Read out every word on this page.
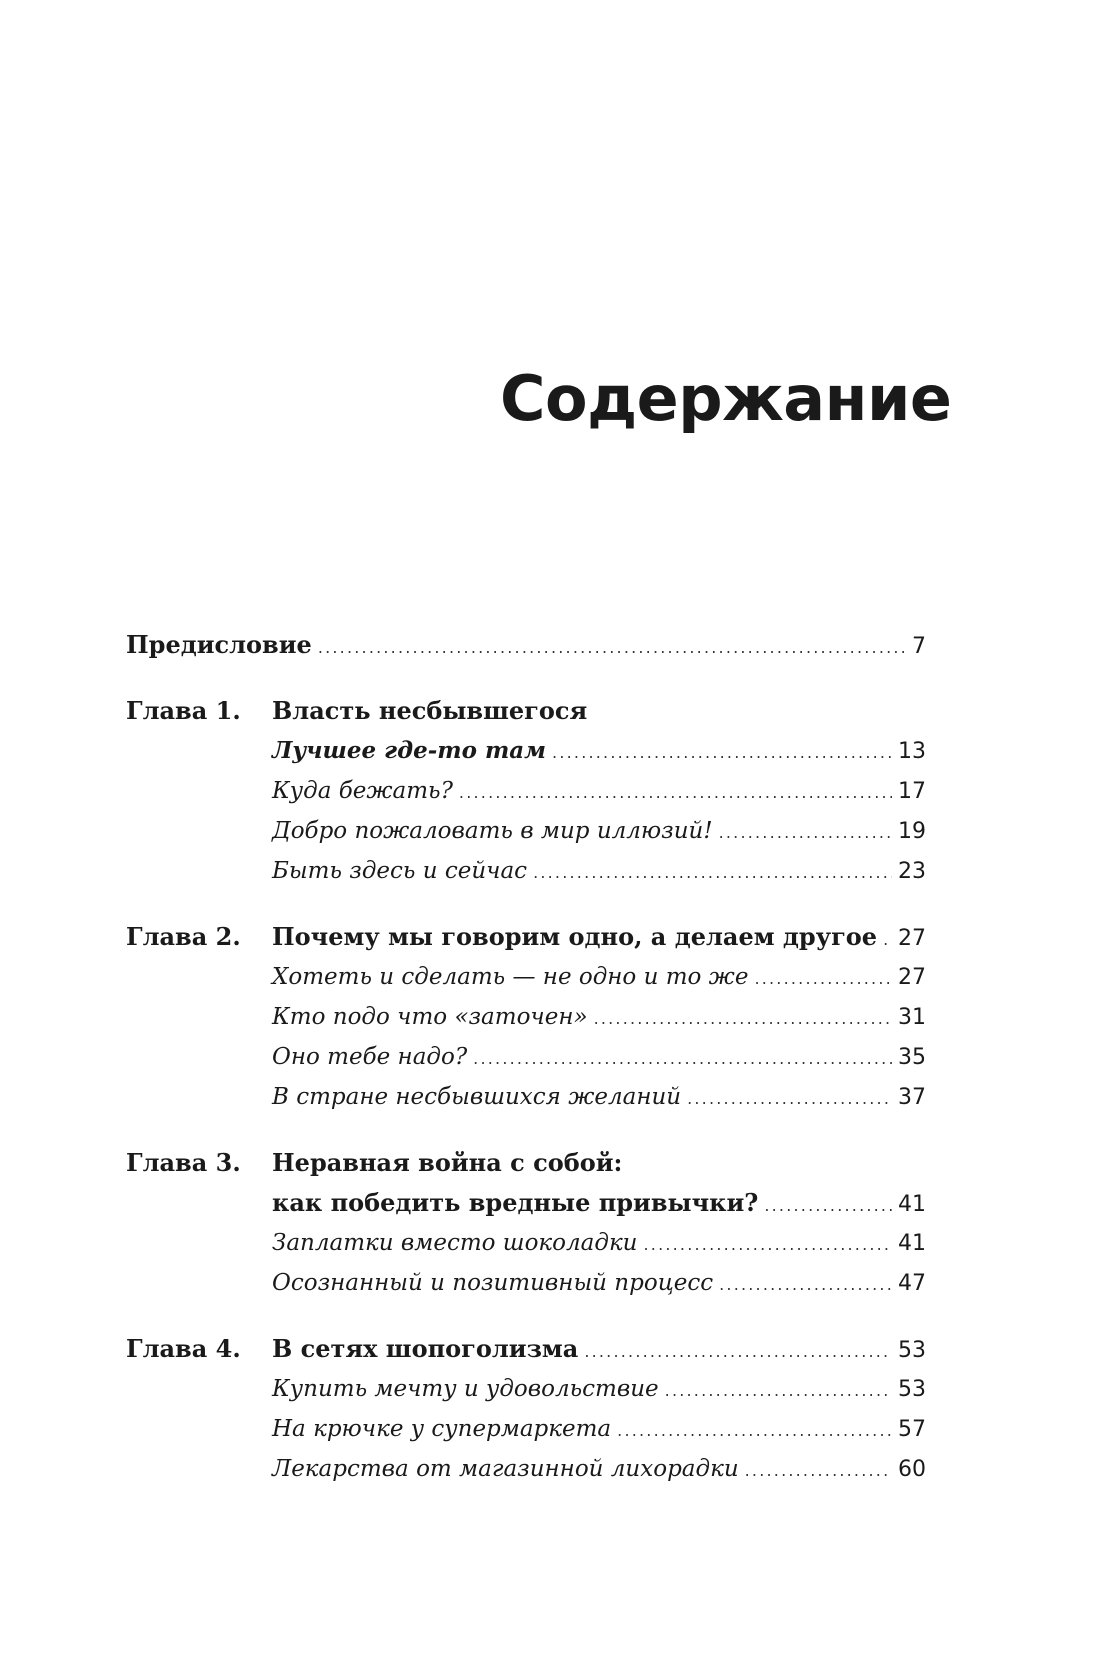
Содержание
Предисловие .....	7
Глава 1. Власть несбывшегося
Лучшее где-то там .....	13
Куда бежать? .....	17
Добро пожаловать в мир иллюзий! .....	19
Быть здесь и сейчас .....	23
Глава 2. Почему мы говорим одно, а делаем другое ..... 27
Хотеть и сделать — не одно и то же .....	27
Кто подо что «заточен» .....	31
Оно тебе надо? .....	35
В стране несбывшихся желаний .....	37
Глава 3. Неравная война с собой:
как победить вредные привычки? .....	41
Заплатки вместо шоколадки .....	41
Осознанный и позитивный процесс .....	47
Глава 4. В сетях шопоголизма .....	53
Купить мечту и удовольствие .....	53
На крючке у супермаркета .....	57
Лекарства от магазинной лихорадки .....	60
